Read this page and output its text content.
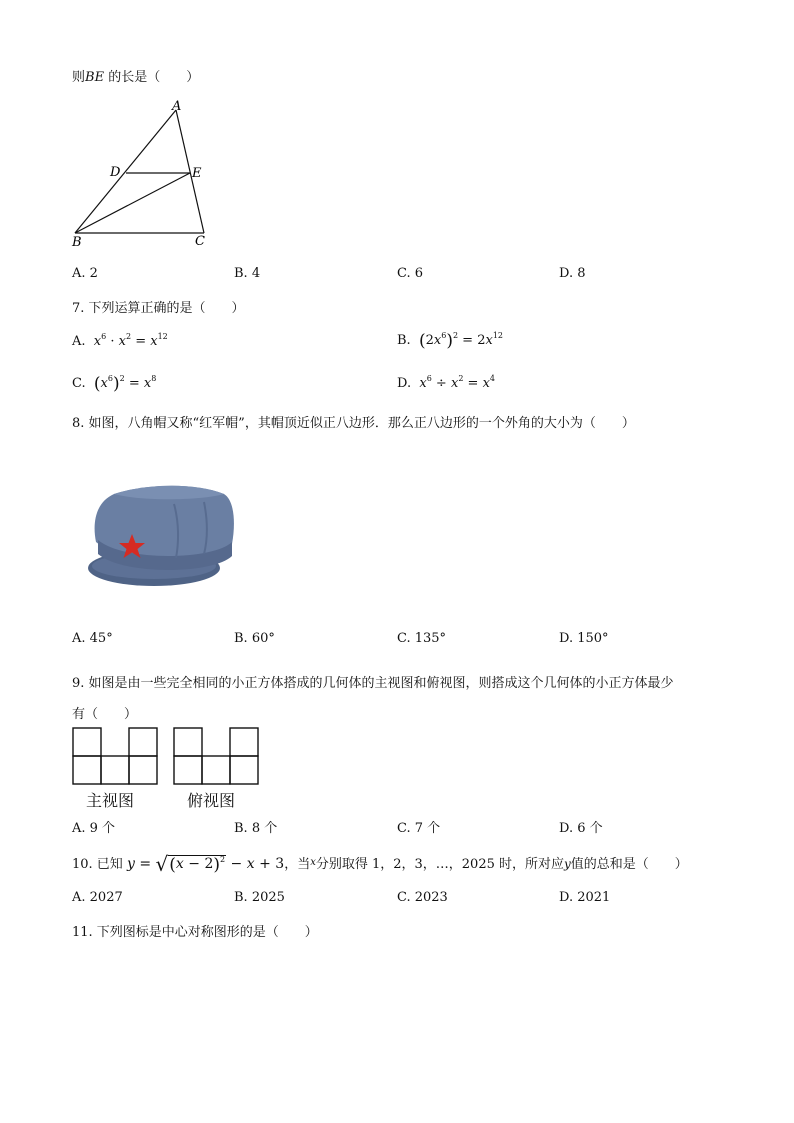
则BE 的长是（　　）
A
D	E
B	C
A. 2	B. 4	C. 6	D. 8
7. 下列运算正确的是（　　）
A. $x^6 \cdot x^2 = x^{12}$	B. $(2x^6)^2 = 2x^{12}$
C. $(x^6)^2 = x^8$	D. $x^6 \div x^2 = x^4$
8. 如图，八角帽又称“红军帽”，其帽顶近似正八边形．那么正八边形的一个外角的大小为（　　）
A. 45°	B. 60°	C. 135°	D. 150°
9. 如图是由一些完全相同的小正方体搭成的几何体的主视图和俯视图，则搭成这个几何体的小正方体最少
有（　　）
主视图	俯视图
A. 9 个	B. 8 个	C. 7 个	D. 6 个
10. 已知 $y = √(x - 2)^2 - x + 3$，当$^x$分别取得 1，2，3，…，2025 时，所对应y值的总和是（　　）
A. 2027	B. 2025	C. 2023	D. 2021
11. 下列图标是中心对称图形的是（　　）
